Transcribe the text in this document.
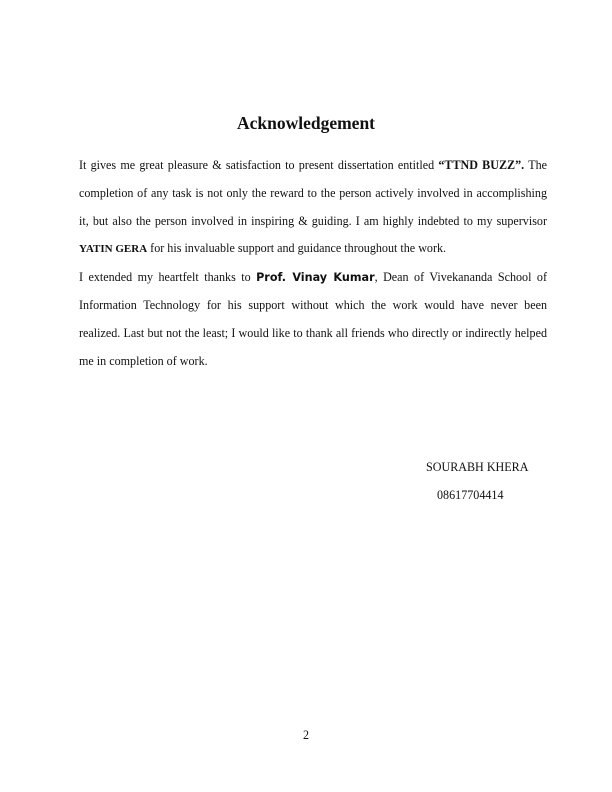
Acknowledgement

It gives me great pleasure & satisfaction to present dissertation entitled “TTND BUZZ”. The completion of any task is not only the reward to the person actively involved in accomplishing it, but also the person involved in inspiring & guiding. I am highly indebted to my supervisor YATIN GERA for his invaluable support and guidance throughout the work.

I extended my heartfelt thanks to Prof. Vinay Kumar, Dean of Vivekananda School of Information Technology for his support without which the work would have never been realized. Last but not the least; I would like to thank all friends who directly or indirectly helped me in completion of work.

SOURABH KHERA

08617704414

2
